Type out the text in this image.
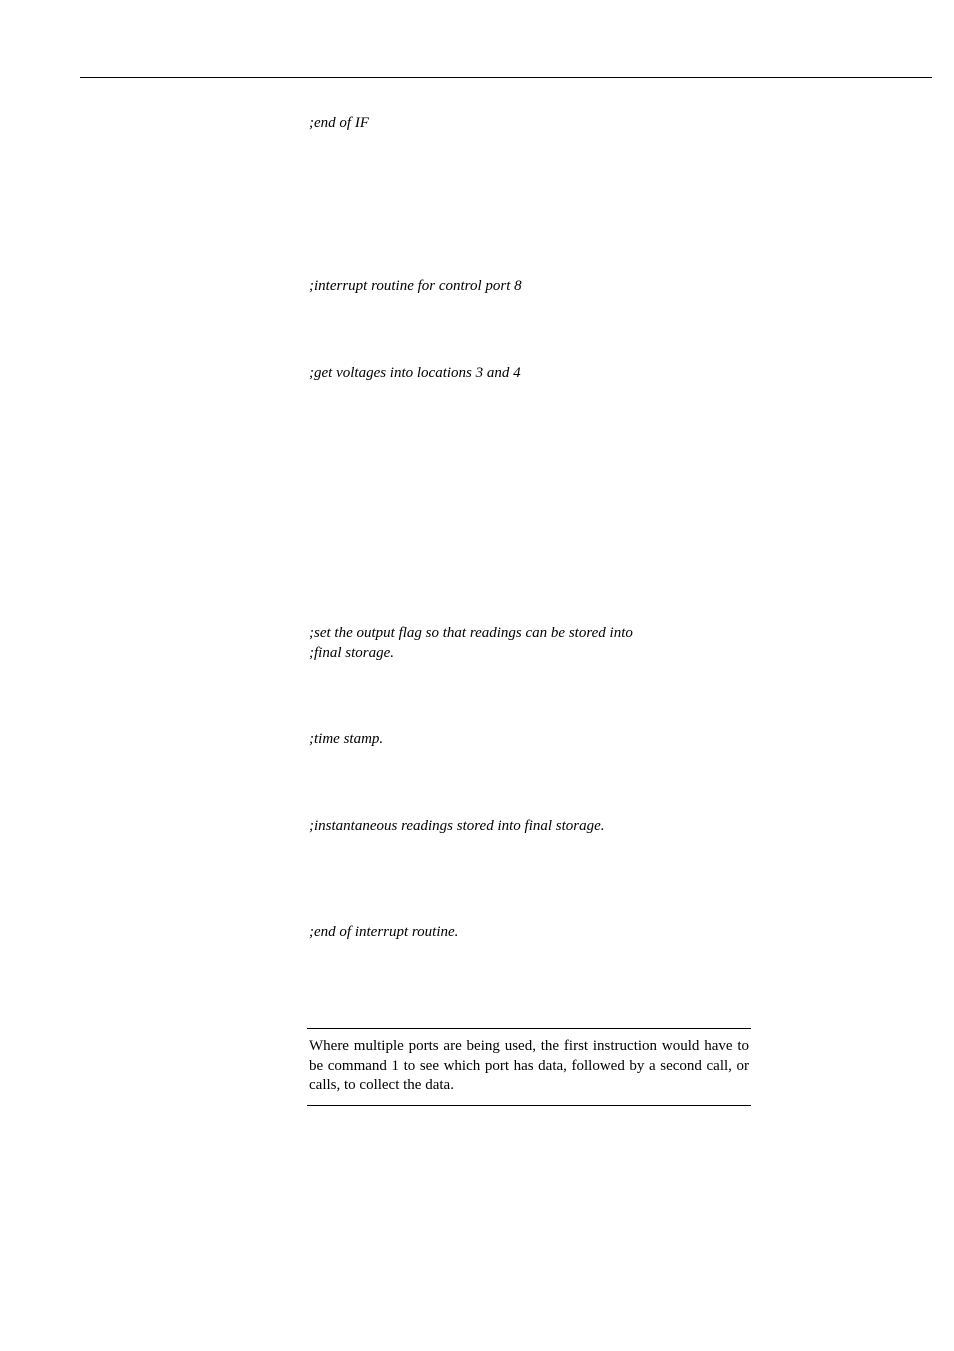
;end of IF
;interrupt routine for control port 8
;get voltages into locations 3 and 4
;set the output flag so that readings can be stored into
;final storage.
;time stamp.
;instantaneous readings stored into final storage.
;end of interrupt routine.

Where multiple ports are being used, the first instruction would have to be command 1 to see which port has data, followed by a second call, or calls, to collect the data.
